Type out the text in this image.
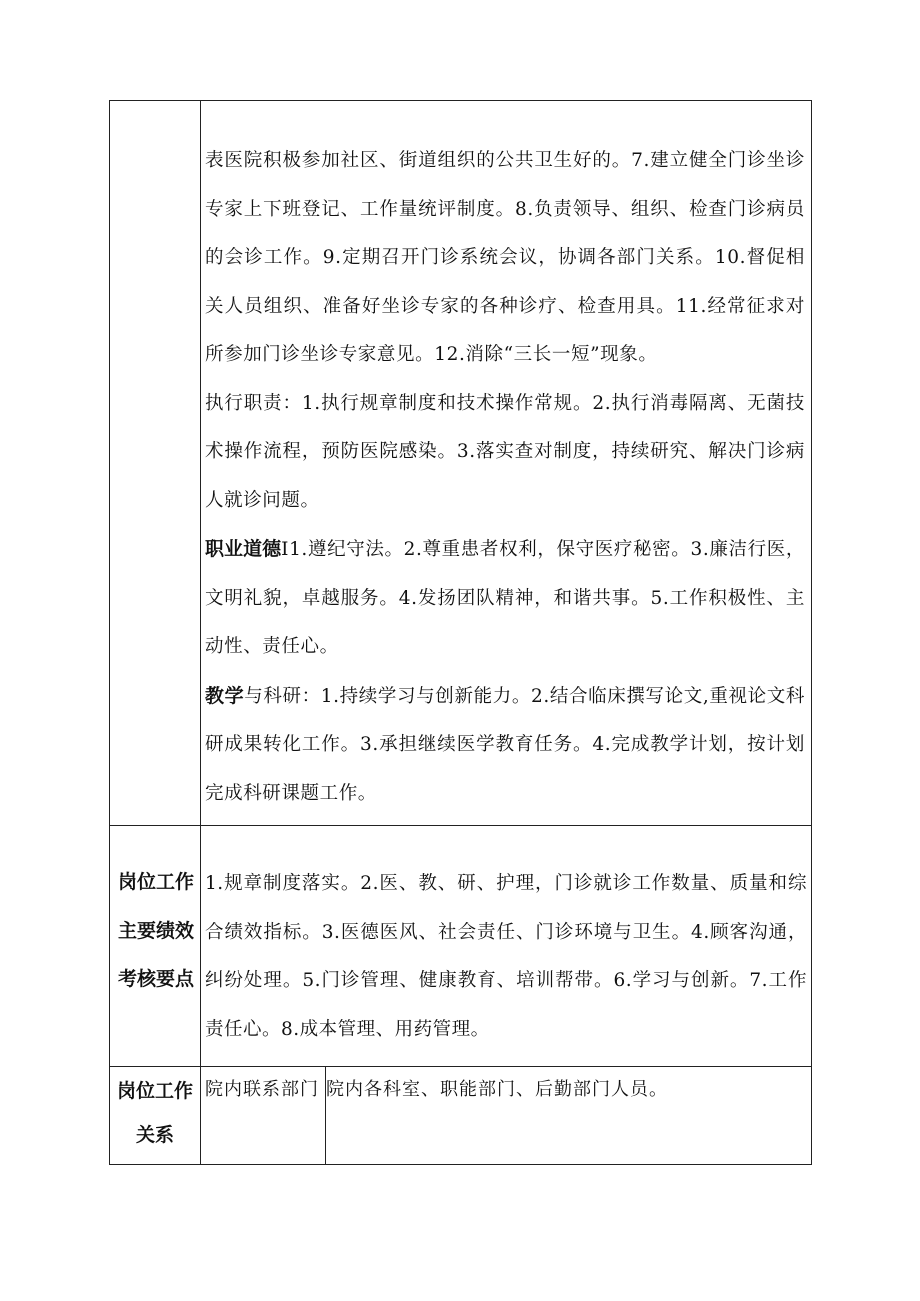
	表医院积极参加社区、街道组织的公共卫生好的。7.建立健全门诊坐诊专家上下班登记、工作量统评制度。8.负责领导、组织、检查门诊病员的会诊工作。9.定期召开门诊系统会议，协调各部门关系。10.督促相关人员组织、准备好坐诊专家的各种诊疗、检查用具。11.经常征求对所参加门诊坐诊专家意见。12.消除“三长一短”现象。

执行职责：1.执行规章制度和技术操作常规。2.执行消毒隔离、无菌技术操作流程，预防医院感染。3.落实查对制度，持续研究、解决门诊病人就诊问题。

职业道德I1.遵纪守法。2.尊重患者权利，保守医疗秘密。3.廉洁行医，文明礼貌，卓越服务。4.发扬团队精神，和谐共事。5.工作积极性、主动性、责任心。

教学与科研：1.持续学习与创新能力。2.结合临床撰写论文,重视论文科研成果转化工作。3.承担继续医学教育任务。4.完成教学计划，按计划完成科研课题工作。	

岗位工作主要绩效考核要点	1.规章制度落实。2.医、教、研、护理，门诊就诊工作数量、质量和综合绩效指标。3.医德医风、社会责任、门诊环境与卫生。4.顾客沟通，纠纷处理。5.门诊管理、健康教育、培训帮带。6.学习与创新。7.工作责任心。8.成本管理、用药管理。	

岗位工作关系	院内联系部门	院内各科室、职能部门、后勤部门人员。
